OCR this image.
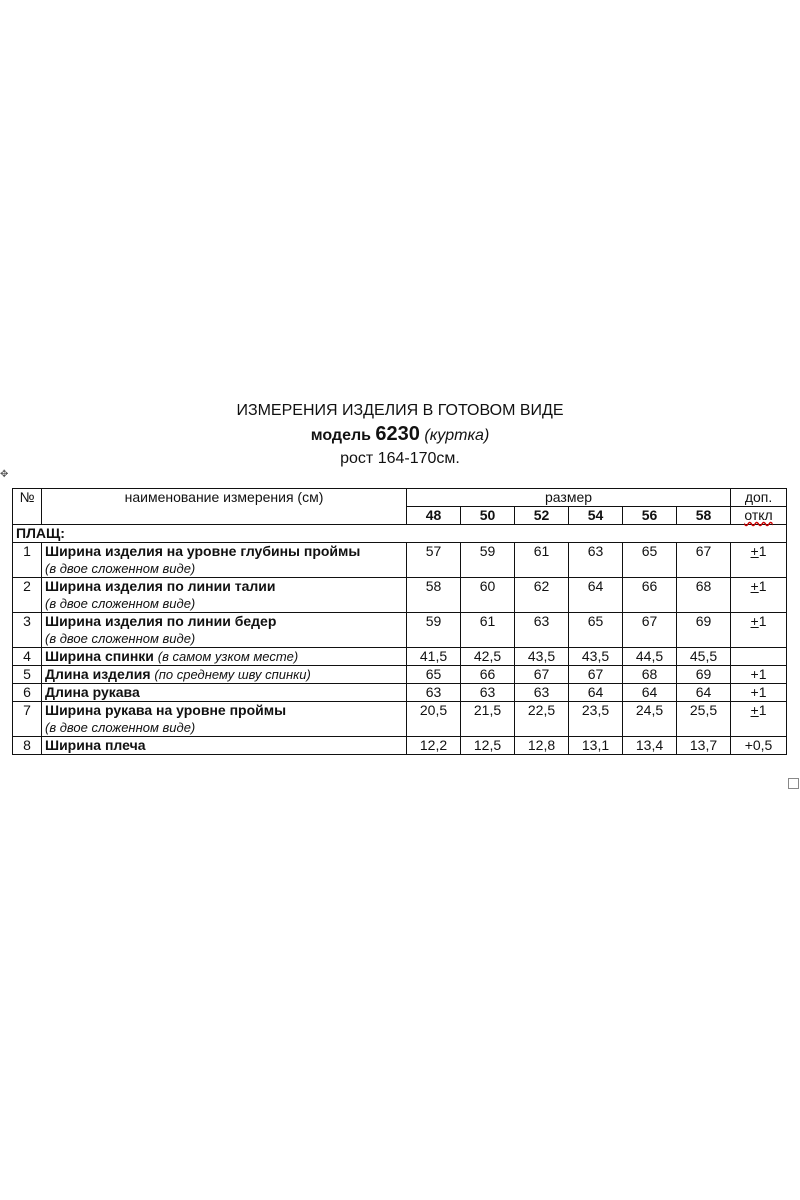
✥
ИЗМЕРЕНИЯ ИЗДЕЛИЯ В ГОТОВОМ ВИДЕ
модель 6230 (куртка)
рост 164-170см.
№	наименование измерения (см)	размер						доп.
		48	50	52	54	56	58	откл
ПЛАЩ:								
1	Ширина изделия на уровне глубины проймы
(в двое сложенном виде)	57	59	61	63	65	67	+1
2	Ширина изделия по линии талии
(в двое сложенном виде)	58	60	62	64	66	68	+1
3	Ширина изделия по линии бедер
(в двое сложенном виде)	59	61	63	65	67	69	+1
4	Ширина спинки (в самом узком месте)	41,5	42,5	43,5	43,5	44,5	45,5	
5	Длина изделия (по среднему шву спинки)	65	66	67	67	68	69	+1
6	Длина рукава	63	63	63	64	64	64	+1
7	Ширина рукава на уровне проймы
(в двое сложенном виде)	20,5	21,5	22,5	23,5	24,5	25,5	+1
8	Ширина плеча	12,2	12,5	12,8	13,1	13,4	13,7	+0,5
